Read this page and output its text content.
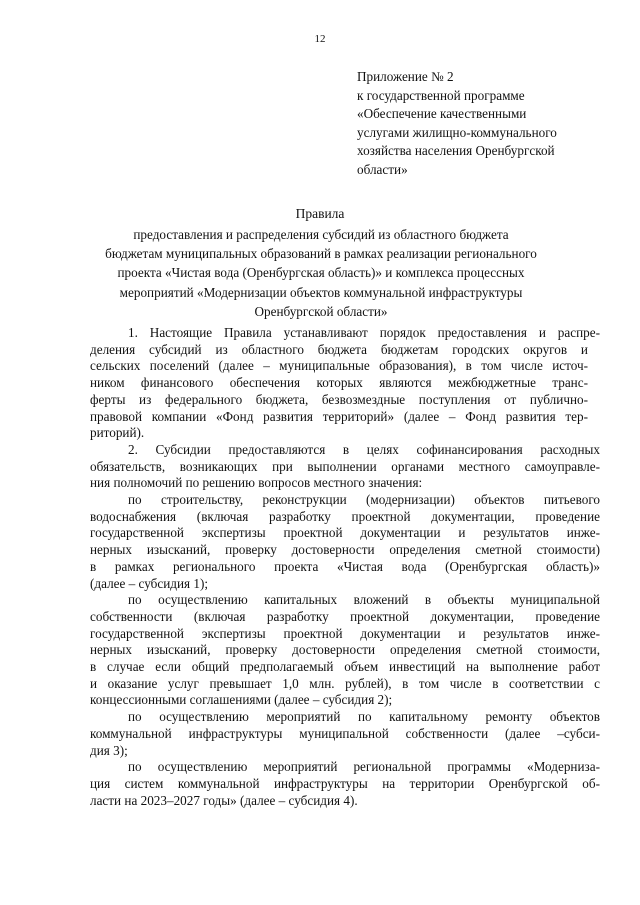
12
Приложение № 2
к государственной программе
«Обеспечение качественными
услугами жилищно-коммунального
хозяйства населения Оренбургской
области»
Правила
предоставления и распределения субсидий из областного бюджета
бюджетам муниципальных образований в рамках реализации регионального
проекта «Чистая вода (Оренбургская область)» и комплекса процессных
мероприятий «Модернизации объектов коммунальной инфраструктуры
Оренбургской области»
1. Настоящие Правила устанавливают порядок предоставления и распре-
деления субсидий из областного бюджета бюджетам городских округов и
сельских поселений (далее – муниципальные образования), в том числе источ-
ником финансового обеспечения которых являются межбюджетные транс-
ферты из федерального бюджета, безвозмездные поступления от публично-
правовой компании «Фонд развития территорий» (далее – Фонд развития тер-
риторий).
2. Субсидии предоставляются в целях софинансирования расходных
обязательств, возникающих при выполнении органами местного самоуправле-
ния полномочий по решению вопросов местного значения:
по строительству, реконструкции (модернизации) объектов питьевого
водоснабжения (включая разработку проектной документации, проведение
государственной экспертизы проектной документации и результатов инже-
нерных изысканий, проверку достоверности определения сметной стоимости)
в рамках регионального проекта «Чистая вода (Оренбургская область)»
(далее – субсидия 1);
по осуществлению капитальных вложений в объекты муниципальной
собственности (включая разработку проектной документации, проведение
государственной экспертизы проектной документации и результатов инже-
нерных изысканий, проверку достоверности определения сметной стоимости,
в случае если общий предполагаемый объем инвестиций на выполнение работ
и оказание услуг превышает 1,0 млн. рублей), в том числе в соответствии с
концессионными соглашениями (далее – субсидия 2);
по осуществлению мероприятий по капитальному ремонту объектов
коммунальной инфраструктуры муниципальной собственности (далее –субси-
дия 3);
по осуществлению мероприятий региональной программы «Модерниза-
ция систем коммунальной инфраструктуры на территории Оренбургской об-
ласти на 2023–2027 годы» (далее – субсидия 4).
